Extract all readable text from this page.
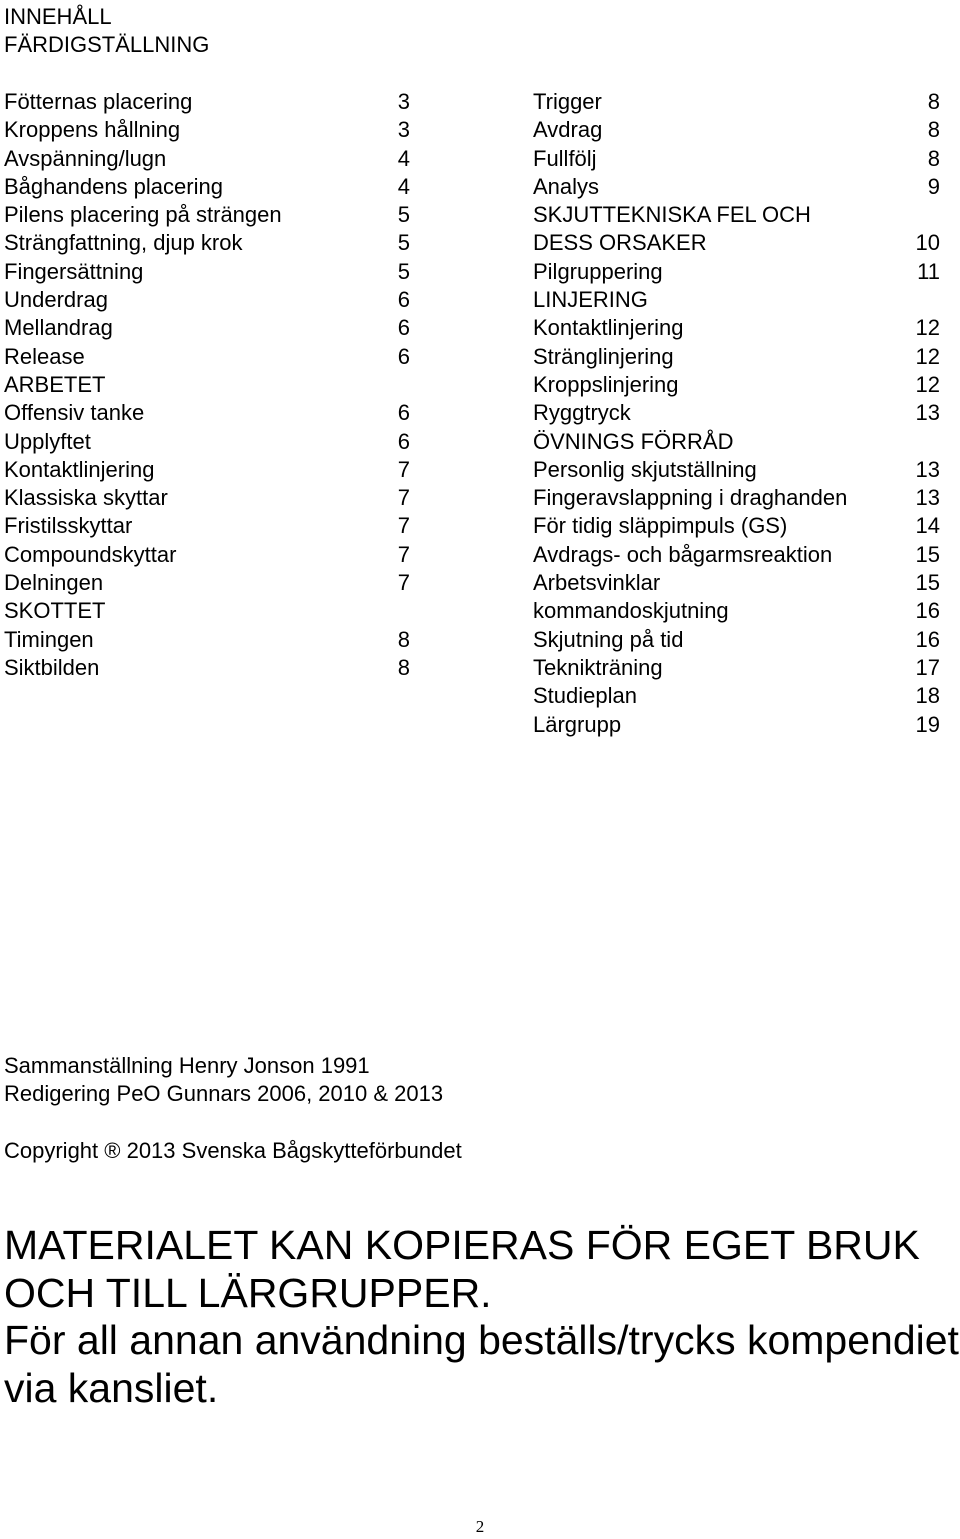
INNEHÅLL
FÄRDIGSTÄLLNING
Fötternas placering	3
Kroppens hållning	3
Avspänning/lugn	4
Båghandens placering	4
Pilens placering på strängen	5
Strängfattning, djup krok	5
Fingersättning	5
Underdrag	6
Mellandrag	6
Release	6
ARBETET
Offensiv tanke	6
Upplyftet	6
Kontaktlinjering	7
Klassiska skyttar	7
Fristilsskyttar	7
Compoundskyttar	7
Delningen	7
SKOTTET
Timingen	8
Siktbilden	8
Trigger	8
Avdrag	8
Fullfölj	8
Analys	9
SKJUTTEKNISKA FEL OCH
DESS ORSAKER	10
Pilgruppering	11
LINJERING
Kontaktlinjering	12
Stränglinjering	12
Kroppslinjering	12
Ryggtryck	13
ÖVNINGS FÖRRÅD
Personlig skjutställning	13
Fingeravslappning i draghanden	13
För tidig släppimpuls (GS)	14
Avdrags- och bågarmsreaktion	15
Arbetsvinklar	15
kommandoskjutning	16
Skjutning på tid	16
Teknikträning	17
Studieplan	18
Lärgrupp	19
Sammanställning Henry Jonson 1991
Redigering PeO Gunnars 2006, 2010 & 2013
Copyright ® 2013 Svenska Bågskytteförbundet
MATERIALET KAN KOPIERAS FÖR EGET BRUK
OCH TILL LÄRGRUPPER.
För all annan användning beställs/trycks kompendiet
via kansliet.
2
